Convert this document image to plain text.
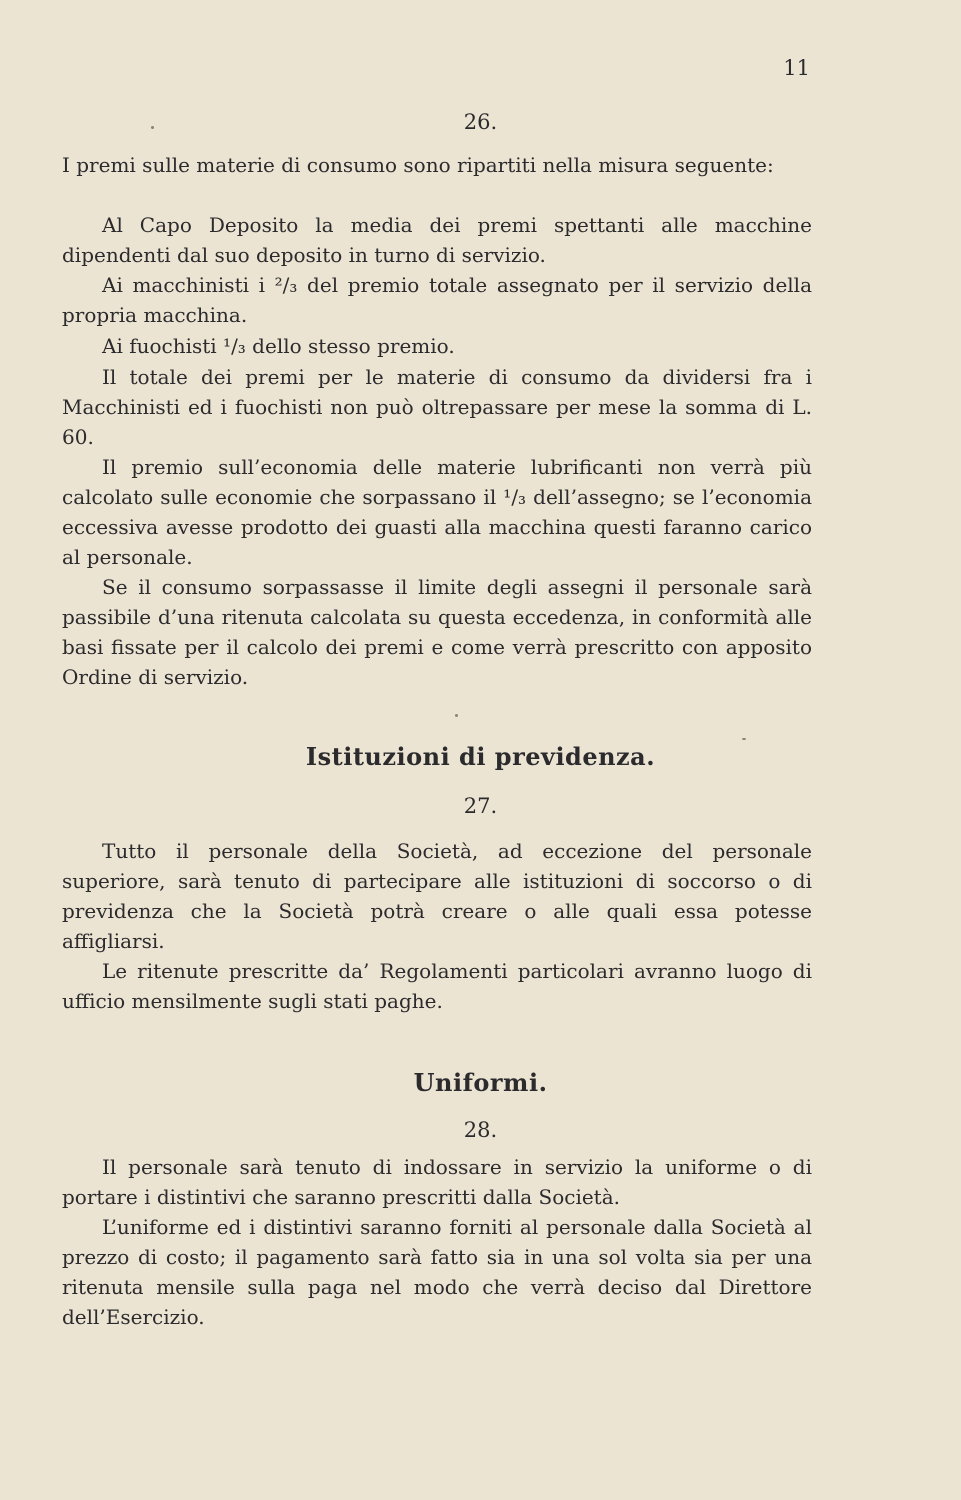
11
26.

I premi sulle materie di consumo sono ripartiti nella misura seguente:

Al Capo Deposito la media dei premi spettanti alle macchine dipendenti dal suo deposito in turno di servizio.

Ai macchinisti i ²/₃ del premio totale assegnato per il servizio della propria macchina.

Ai fuochisti ¹/₃ dello stesso premio.

Il totale dei premi per le materie di consumo da dividersi fra i Macchinisti ed i fuochisti non può oltrepassare per mese la somma di L. 60.

Il premio sull’economia delle materie lubrificanti non verrà più calcolato sulle economie che sorpassano il ¹/₃ dell’assegno; se l’economia eccessiva avesse prodotto dei guasti alla macchina questi faranno carico al personale.

Se il consumo sorpassasse il limite degli assegni il personale sarà passibile d’una ritenuta calcolata su questa eccedenza, in conformità alle basi fissate per il calcolo dei premi e come verrà prescritto con apposito Ordine di servizio.

Istituzioni di previdenza.
27.

Tutto il personale della Società, ad eccezione del personale superiore, sarà tenuto di partecipare alle istituzioni di soccorso o di previdenza che la Società potrà creare o alle quali essa potesse affigliarsi.

Le ritenute prescritte da’ Regolamenti particolari avranno luogo di ufficio mensilmente sugli stati paghe.

Uniformi.
28.

Il personale sarà tenuto di indossare in servizio la uniforme o di portare i distintivi che saranno prescritti dalla Società.

L’uniforme ed i distintivi saranno forniti al personale dalla Società al prezzo di costo; il pagamento sarà fatto sia in una sol volta sia per una ritenuta mensile sulla paga nel modo che verrà deciso dal Direttore dell’Esercizio.
